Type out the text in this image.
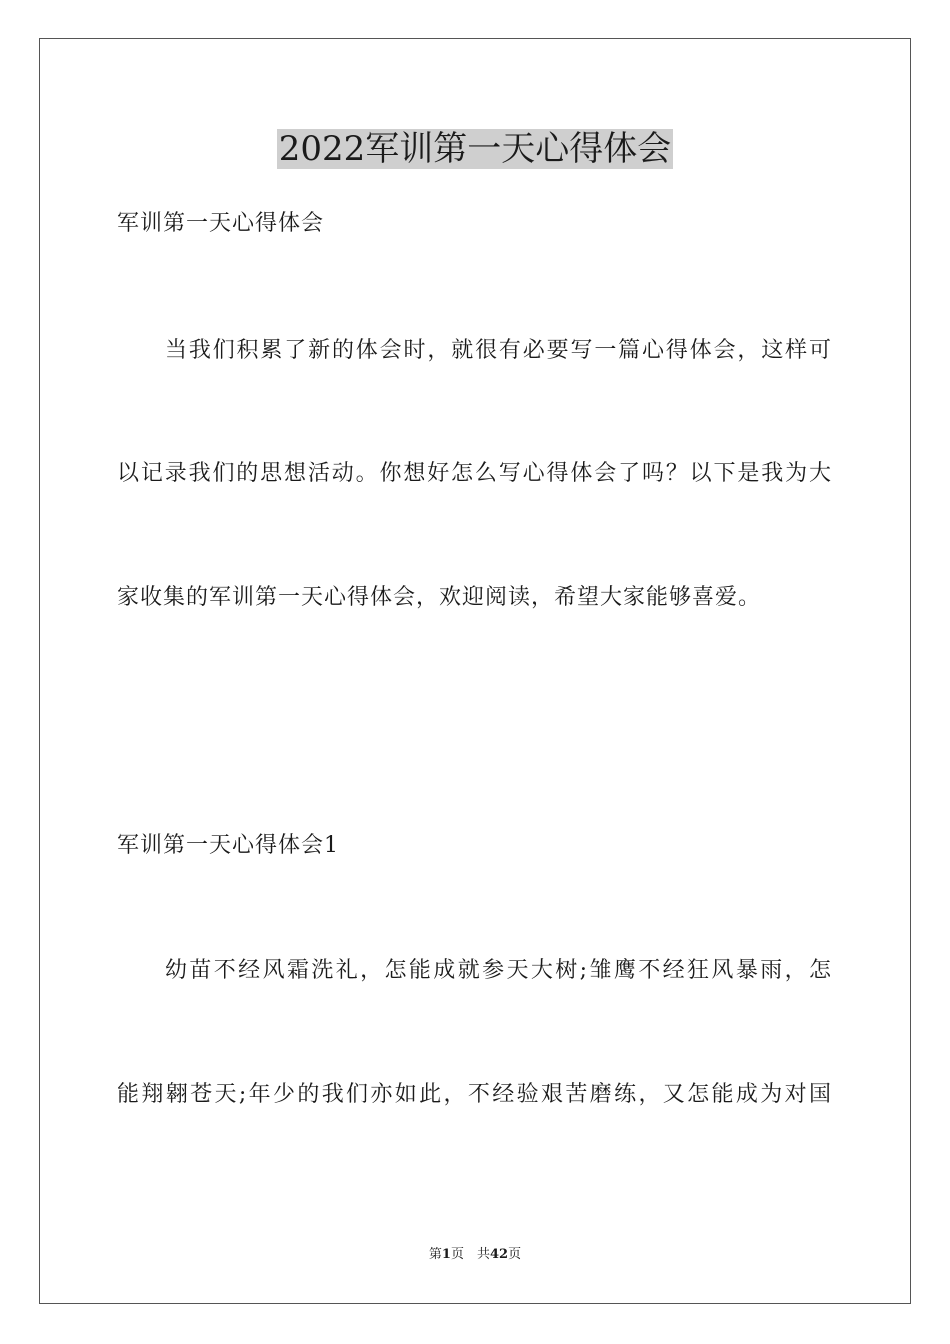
2022军训第一天心得体会
军训第一天心得体会
当我们积累了新的体会时，就很有必要写一篇心得体会，这样可
以记录我们的思想活动。你想好怎么写心得体会了吗？以下是我为大
家收集的军训第一天心得体会，欢迎阅读，希望大家能够喜爱。
军训第一天心得体会1
幼苗不经风霜洗礼，怎能成就参天大树;雏鹰不经狂风暴雨，怎
能翔翱苍天;年少的我们亦如此，不经验艰苦磨练，又怎能成为对国
第1页　共42页
